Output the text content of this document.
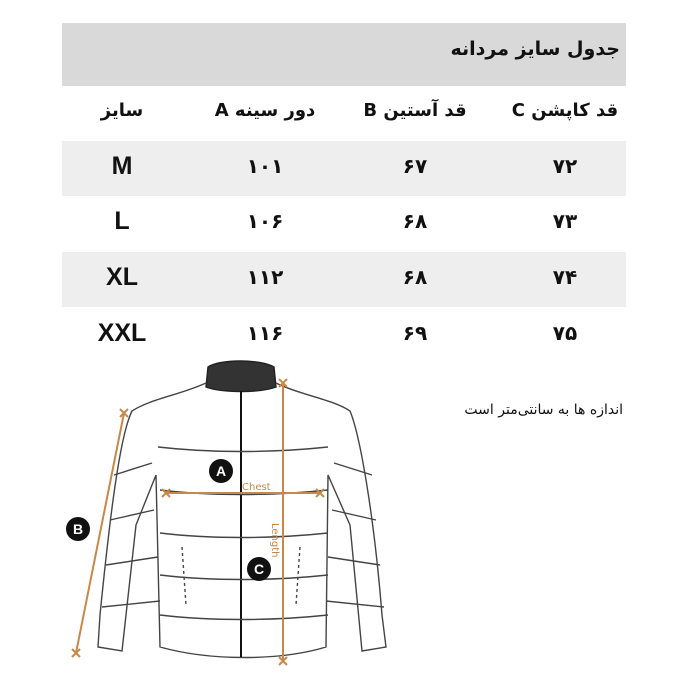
جدول سایز مردانه
سایز	A دور سینه	B قد آستین	C قد کاپشن
M	۱۰۱	۶۷	۷۲
L	۱۰۶	۶۸	۷۳
XL	۱۱۲	۶۸	۷۴
XXL	۱۱۶	۶۹	۷۵
اندازه ها به سانتی‌متر است
Chest
Length
A
B
C
